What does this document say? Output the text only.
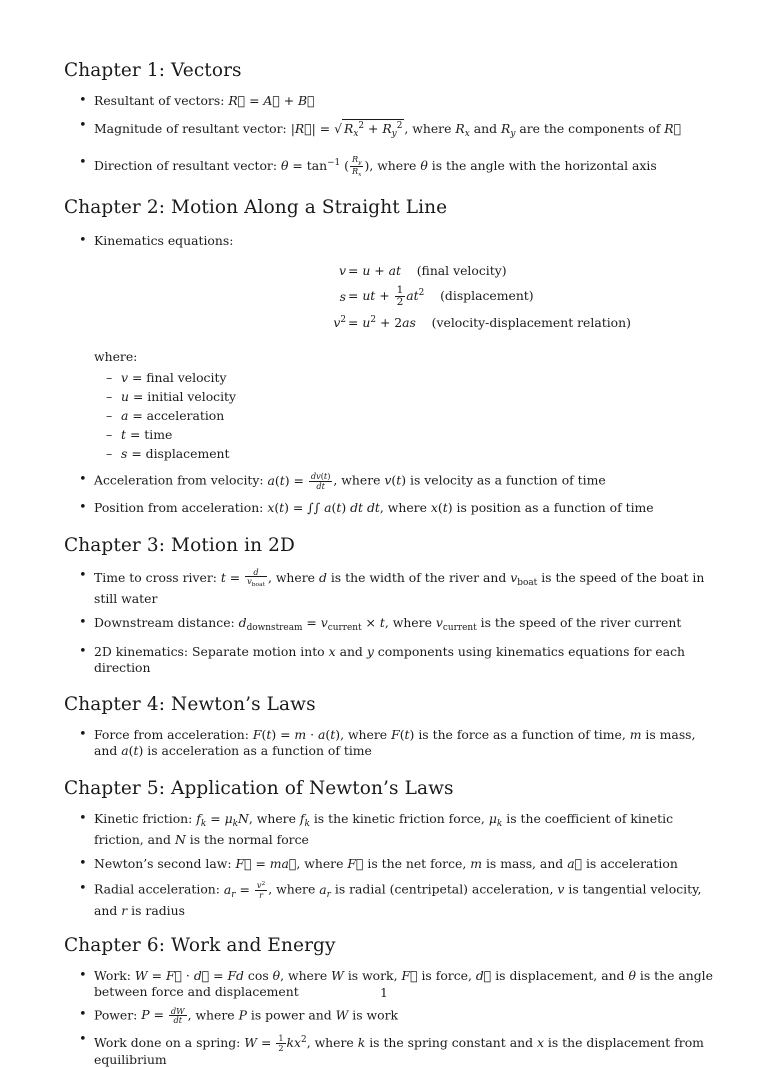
Chapter 1: Vectors
• Resultant of vectors: R⃗ = A⃗ + B⃗
• Magnitude of resultant vector: |R⃗| = √ $R_x^2 + R_y^2$ , where $R_x$ and $R_y$ are the components of R⃗
• Direction of resultant vector: $\theta = \tan^{-1}$ ( $\frac{R_y}{R_x}$ ), where θ is the angle with the horizontal axis
Chapter 2: Motion Along a Straight Line
• Kinematics equations:
v = u + at (final velocity)
s = ut + $\frac{1}{2} at^2$ (displacement)
$v^2 = u^2 + 2as$ (velocity-displacement relation)
where:
– v = final velocity
– u = initial velocity
– a = acceleration
– t = time
– s = displacement
• Acceleration from velocity: $a(t) = \frac{dv(t)}{dt}$ , where v(t) is velocity as a function of time
• Position from acceleration: x(t) = ∫∫ a(t) dt dt, where x(t) is position as a function of time
Chapter 3: Motion in 2D
• Time to cross river: $t = \frac{d}{v_{boat}}$ , where d is the width of the river and $v_{boat}$ is the speed of the boat in still water
• Downstream distance: $d_{downstream} = v_{current} \times t$, where $v_{current}$ is the speed of the river current
• 2D kinematics: Separate motion into x and y components using kinematics equations for each direction
Chapter 4: Newton’s Laws
• Force from acceleration: F(t) = m · a(t), where F(t) is the force as a function of time, m is mass, and a(t) is acceleration as a function of time
Chapter 5: Application of Newton’s Laws
• Kinetic friction: $f_k = \mu_kN$, where $f_k$ is the kinetic friction force, $\mu_k$ is the coefficient of kinetic friction, and N is the normal force
• Newton’s second law: F⃗ = ma⃗, where F⃗ is the net force, m is mass, and a⃗ is acceleration
• Radial acceleration: $a_r = \frac{v^2}{r}$ , where $a_r$ is radial (centripetal) acceleration, v is tangential velocity, and r is radius
Chapter 6: Work and Energy
• Work: W = F⃗ · d⃗ = Fd cos θ, where W is work, F⃗ is force, d⃗ is displacement, and θ is the angle between force and displacement
• Power: $P = \frac{dW}{dt}$ , where P is power and W is work
• Work done on a spring: $W = \frac{1}{2} kx^2$, where k is the spring constant and x is the displacement from equilibrium
1
